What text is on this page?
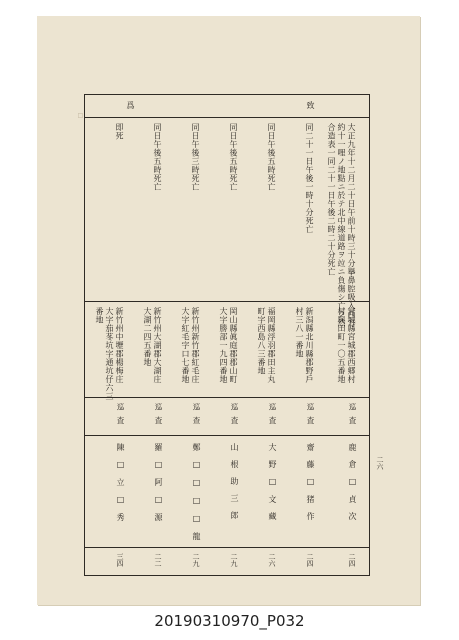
致
爲
大正九年十二月二十日午前十時三十分擧鼻腔吸入西方
約十一哩ノ地點ニ於テ北中線道路ヲ竝ニ負傷シ亡ク然
合造表一同二十一日午後二時二十分死亡
宮城縣宮城郡西郷村
村與田町一〇五番地
巡査
鹿倉□貞次
二四
同二十一日午後一時十分死亡
新潟縣北川縣郡野戶
村三八一番地
巡査
齋藤□猪作
二四
同日午後五時死亡
福岡縣浮羽郡田主丸
町字西島八三番地
巡査
大野□文藏
二六
同日午後五時死亡
岡山縣眞庭郡郡山町
大字勝部一九四番地
巡査
山根助三郎
二九
同日午後三時死亡
新竹州新竹郡紅毛庄
大字紅毛字口七番地
巡查
鄭□□□□龍
二九
同日午後五時死亡
新竹州大湖郡大湖庄
大湖二四五番地
巡査
羅□阿□源
二二
即死
新竹州中壢郡楊梅庄
大字茄苳坑字通坑仔六三
番地
巡査
陳□立□秀
三四
二六
□
20190310970_P032
